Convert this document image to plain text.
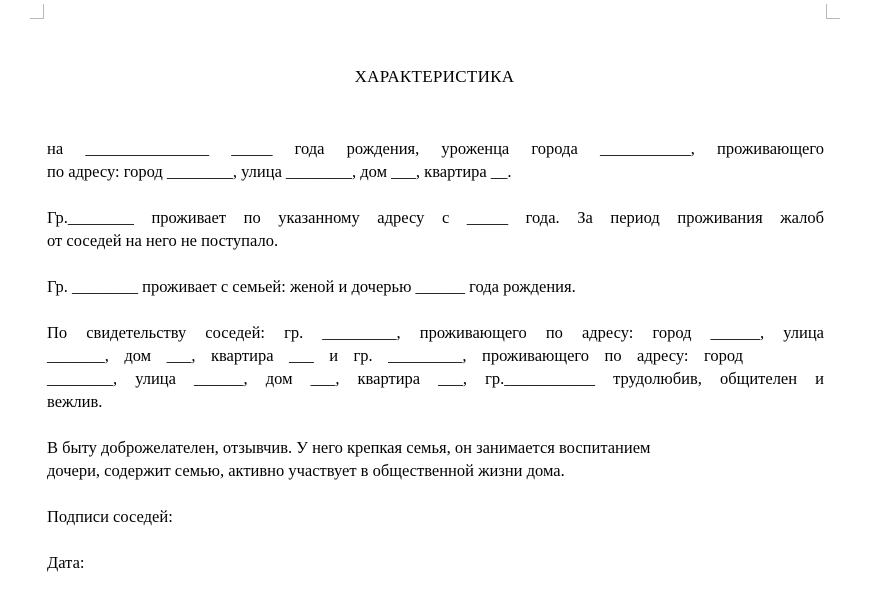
ХАРАКТЕРИСТИКА
на _______________ _____ года рождения, уроженца города ___________, проживающего
по адресу: город ________, улица ________, дом ___, квартира __.
Гр.________ проживает по указанному адресу с _____ года. За период проживания жалоб
от соседей на него не поступало.
Гр. ________ проживает с семьей: женой и дочерью ______ года рождения.
По свидетельству соседей: гр. _________, проживающего по адресу: город ______, улица
_______, дом ___, квартира ___ и гр. _________, проживающего по адресу: город
________, улица ______, дом ___, квартира ___, гр.___________ трудолюбив, общителен и
вежлив.
В быту доброжелателен, отзывчив. У него крепкая семья, он занимается воспитанием
дочери, содержит семью, активно участвует в общественной жизни дома.
Подписи соседей:
Дата:
